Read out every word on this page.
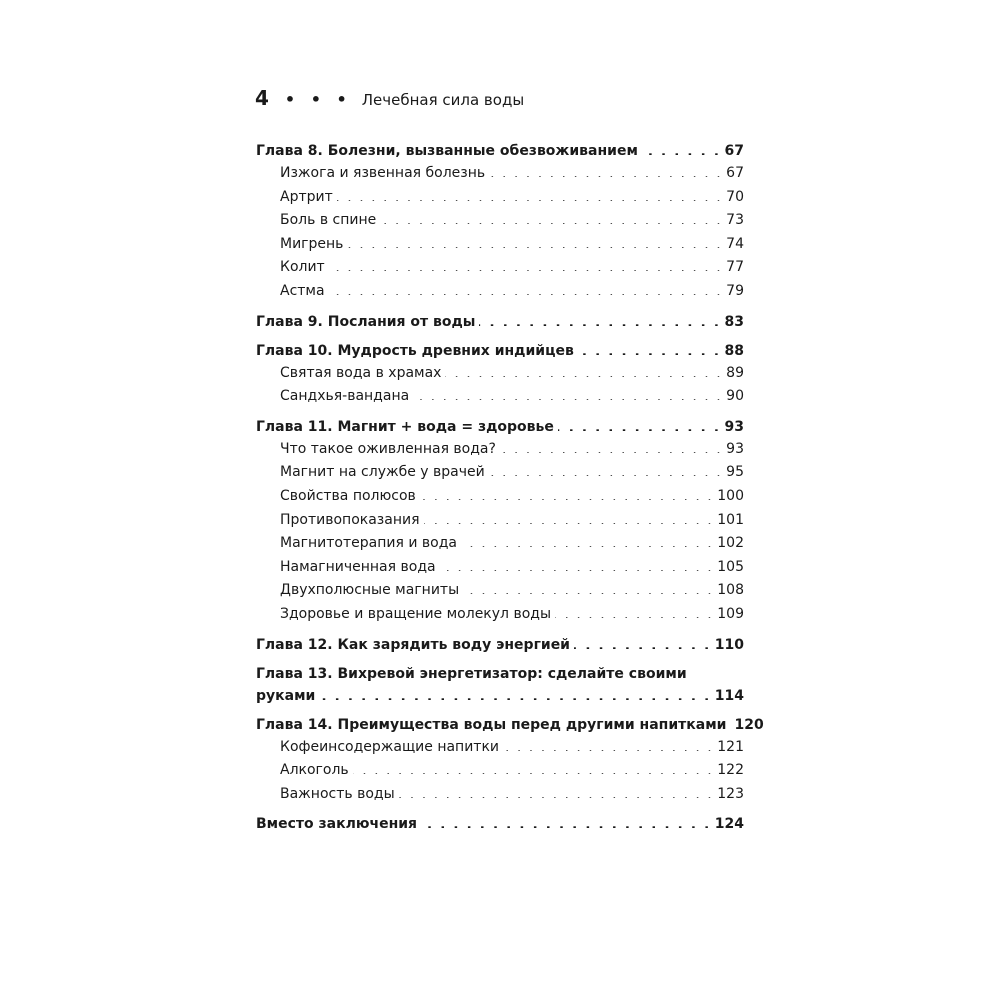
4 • • • Лечебная сила воды
Глава 8. Болезни, вызванные обезвоживанием . . .	67
Изжога и язвенная болезнь . . .	67
Артрит . . .	70
Боль в спине . . .	73
Мигрень . . .	74
Колит . . .	77
Астма . . .	79
Глава 9. Послания от воды . . .	83
Глава 10. Мудрость древних индийцев . . .	88
Святая вода в храмах . . .	89
Сандхья-вандана . . .	90
Глава 11. Магнит + вода = здоровье . . .	93
Что такое оживленная вода? . . .	93
Магнит на службе у врачей . . .	95
Свойства полюсов . . .	100
Противопоказания . . .	101
Магнитотерапия и вода . . .	102
Намагниченная вода . . .	105
Двухполюсные магниты . . .	108
Здоровье и вращение молекул воды . . .	109
Глава 12. Как зарядить воду энергией . . .	110
Глава 13. Вихревой энергетизатор: сделайте своими
руками . . .	114
Глава 14. Преимущества воды перед другими напитками 120
Кофеинсодержащие напитки . . .	121
Алкоголь . . .	122
Важность воды . . .	123
Вместо заключения . . .	124
